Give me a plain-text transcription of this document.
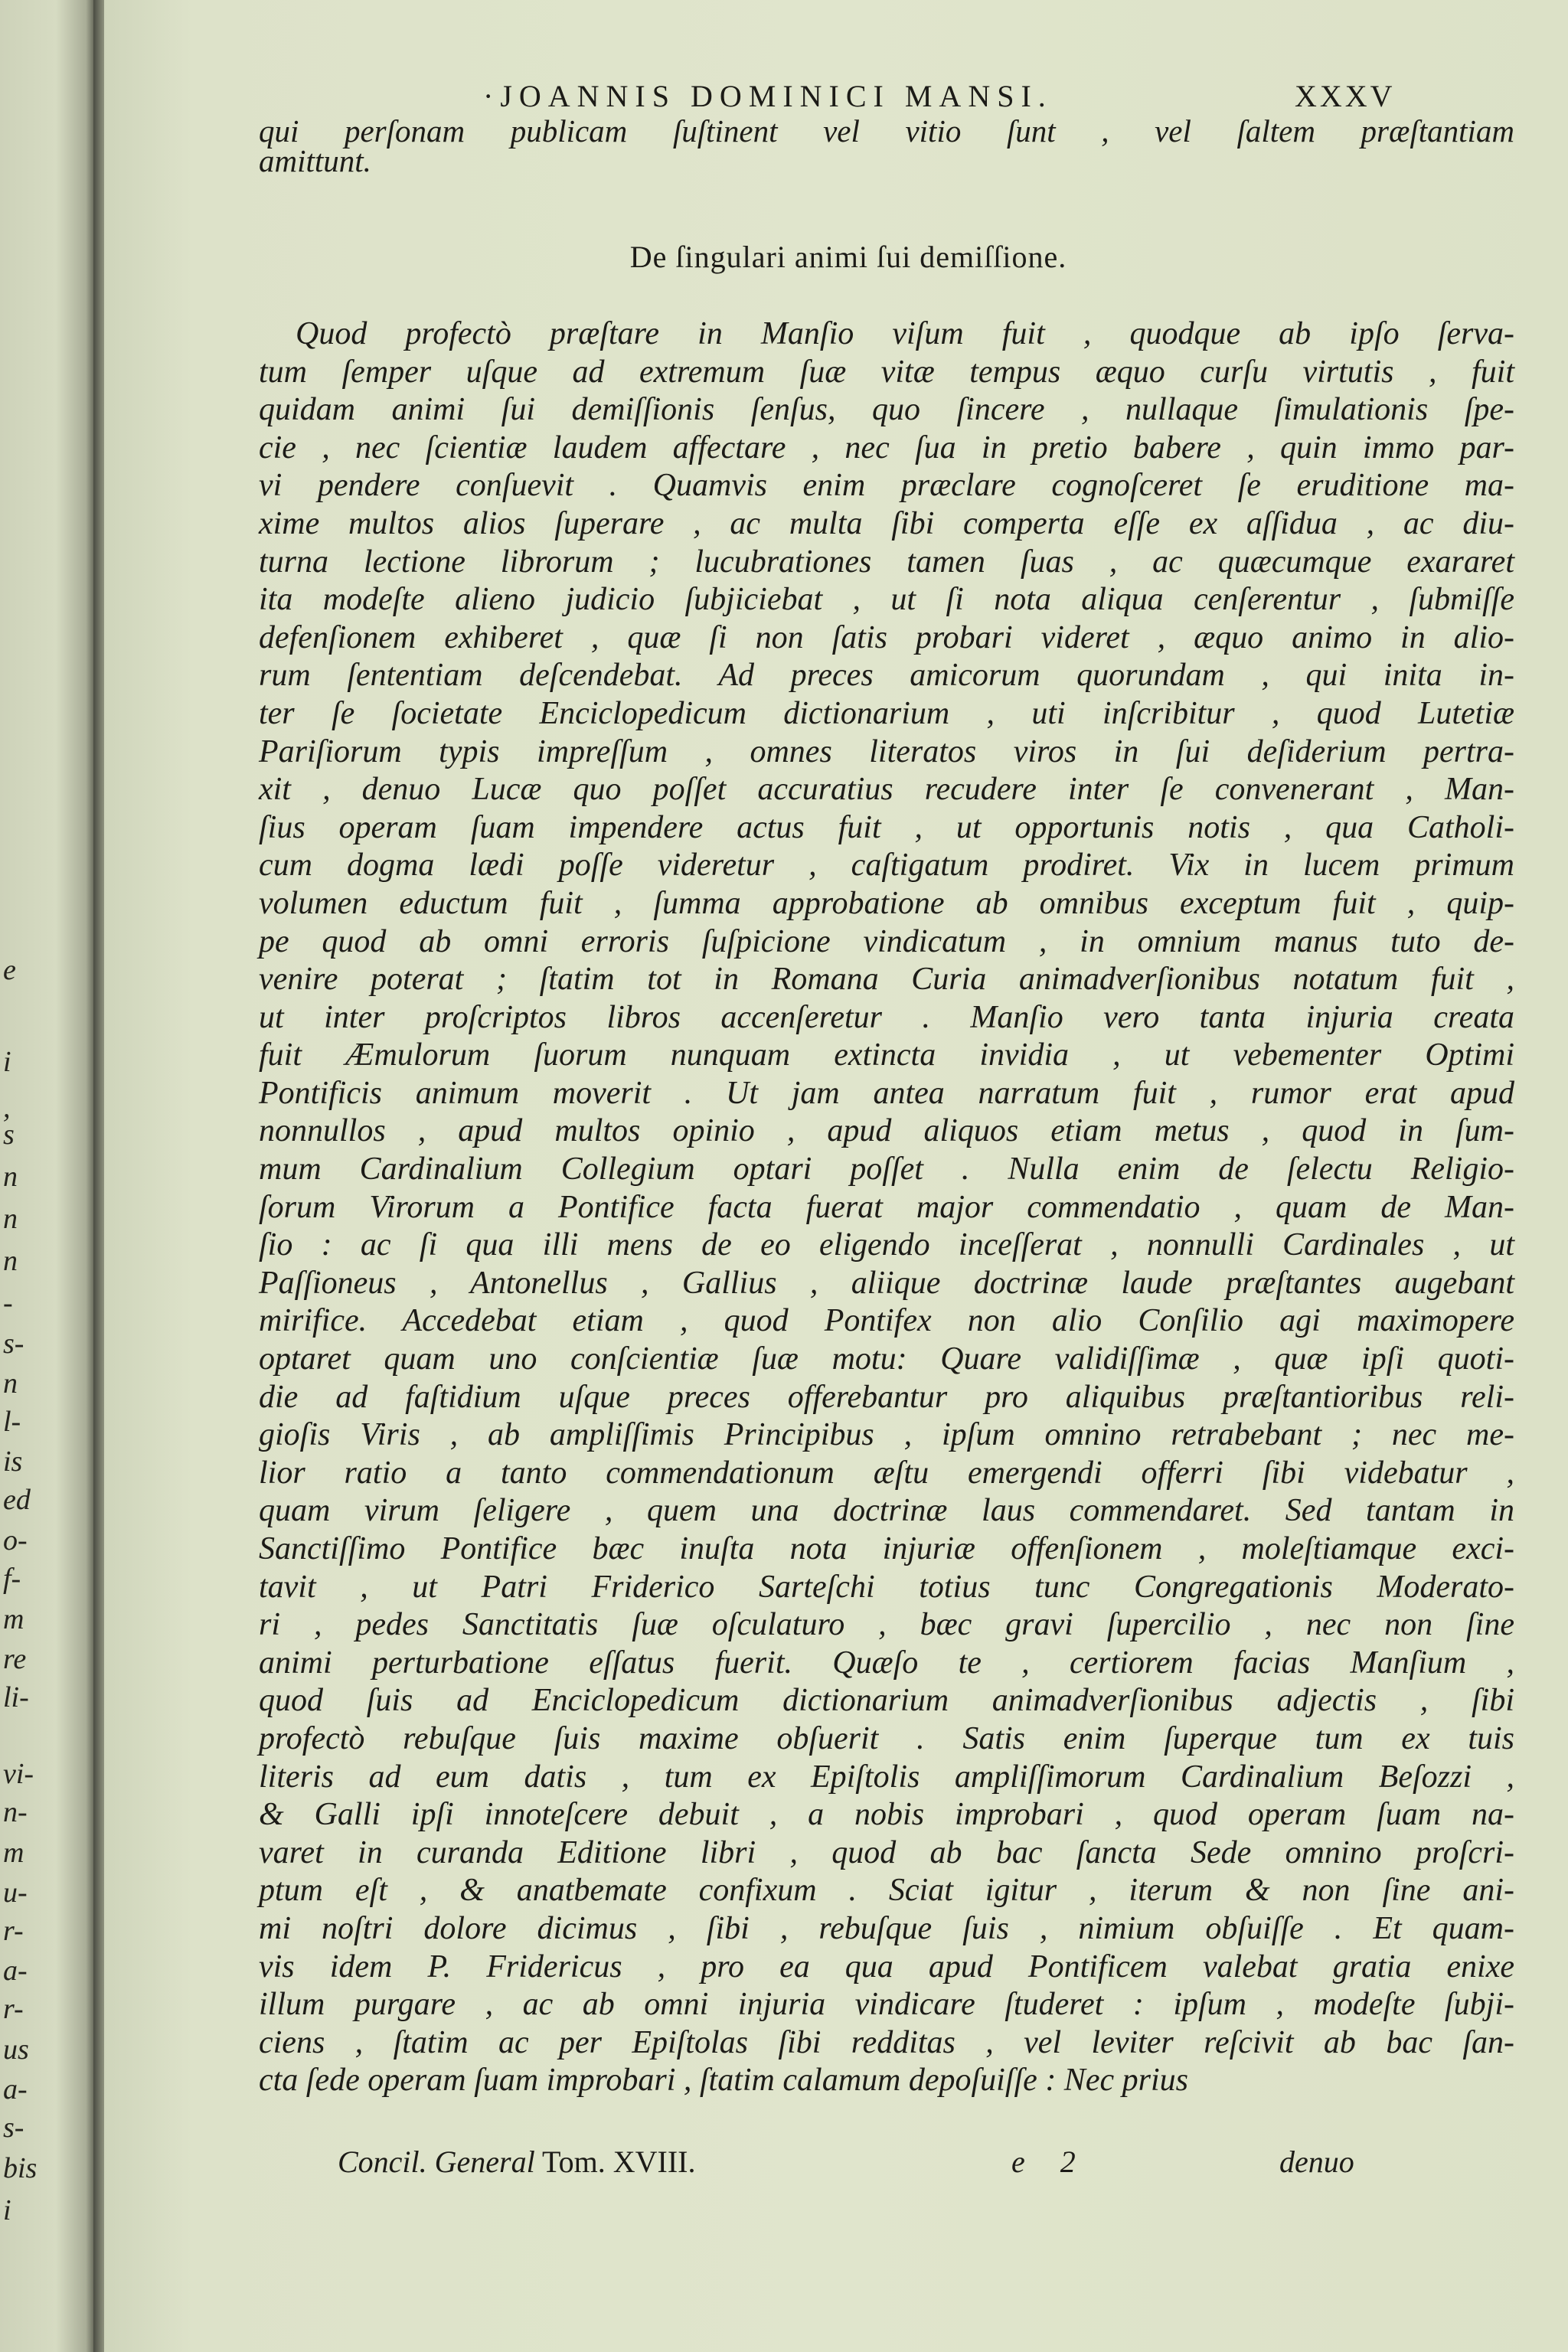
e
i
,
s
n
n
n
-
s-
n
l-
is
ed
o-
f-
m
re
li-
vi-
n-
m
u-
r-
a-
r-
us
a-
s-
bis
i
·JOANNIS DOMINICI MANSI.	XXXV
qui perſonam publicam ſuſtinent vel vitio ſunt , vel ſaltem præſtantiam
amittunt.
De ſingulari animi ſui demiſſione.
Quod profectò præſtare in Manſio viſum fuit , quodque ab ipſo ſerva-
tum ſemper uſque ad extremum ſuæ vitæ tempus æquo curſu virtutis , fuit
quidam animi ſui demiſſionis ſenſus, quo ſincere , nullaque ſimulationis ſpe-
cie , nec ſcientiæ laudem affectare , nec ſua in pretio babere , quin immo par-
vi pendere conſuevit . Quamvis enim præclare cognoſceret ſe eruditione ma-
xime multos alios ſuperare , ac multa ſibi comperta eſſe ex aſſidua , ac diu-
turna lectione librorum ; lucubrationes tamen ſuas , ac quæcumque exararet
ita modeſte alieno judicio ſubjiciebat , ut ſi nota aliqua cenſerentur , ſubmiſſe
defenſionem exhiberet , quæ ſi non ſatis probari videret , æquo animo in alio-
rum ſententiam deſcendebat. Ad preces amicorum quorundam , qui inita in-
ter ſe ſocietate Enciclopedicum dictionarium , uti inſcribitur , quod Lutetiæ
Pariſiorum typis impreſſum , omnes literatos viros in ſui deſiderium pertra-
xit , denuo Lucæ quo poſſet accuratius recudere inter ſe convenerant , Man-
ſius operam ſuam impendere actus fuit , ut opportunis notis , qua Catholi-
cum dogma lædi poſſe videretur , caſtigatum prodiret. Vix in lucem primum
volumen eductum fuit , ſumma approbatione ab omnibus exceptum fuit , quip-
pe quod ab omni erroris ſuſpicione vindicatum , in omnium manus tuto de-
venire poterat ; ſtatim tot in Romana Curia animadverſionibus notatum fuit ,
ut inter proſcriptos libros accenſeretur . Manſio vero tanta injuria creata
fuit Æmulorum ſuorum nunquam extincta invidia , ut vebementer Optimi
Pontificis animum moverit . Ut jam antea narratum fuit , rumor erat apud
nonnullos , apud multos opinio , apud aliquos etiam metus , quod in ſum-
mum Cardinalium Collegium optari poſſet . Nulla enim de ſelectu Religio-
ſorum Virorum a Pontifice facta fuerat major commendatio , quam de Man-
ſio : ac ſi qua illi mens de eo eligendo inceſſerat , nonnulli Cardinales , ut
Paſſioneus , Antonellus , Gallius , aliique doctrinæ laude præſtantes augebant
mirifice. Accedebat etiam , quod Pontifex non alio Conſilio agi maximopere
optaret quam uno conſcientiæ ſuæ motu: Quare validiſſimæ , quæ ipſi quoti-
die ad faſtidium uſque preces offerebantur pro aliquibus præſtantioribus reli-
gioſis Viris , ab ampliſſimis Principibus , ipſum omnino retrabebant ; nec me-
lior ratio a tanto commendationum æſtu emergendi offerri ſibi videbatur ,
quam virum ſeligere , quem una doctrinæ laus commendaret. Sed tantam in
Sanctiſſimo Pontifice bæc inuſta nota injuriæ offenſionem , moleſtiamque exci-
tavit , ut Patri Friderico Sarteſchi totius tunc Congregationis Moderato-
ri , pedes Sanctitatis ſuæ oſculaturo , bæc gravi ſupercilio , nec non ſine
animi perturbatione eſſatus fuerit. Quæſo te , certiorem facias Manſium ,
quod ſuis ad Enciclopedicum dictionarium animadverſionibus adjectis , ſibi
profectò rebuſque ſuis maxime obſuerit . Satis enim ſuperque tum ex tuis
literis ad eum datis , tum ex Epiſtolis ampliſſimorum Cardinalium Beſozzi ,
& Galli ipſi innoteſcere debuit , a nobis improbari , quod operam ſuam na-
varet in curanda Editione libri , quod ab bac ſancta Sede omnino proſcri-
ptum eſt , & anatbemate confixum . Sciat igitur , iterum & non ſine ani-
mi noſtri dolore dicimus , ſibi , rebuſque ſuis , nimium obſuiſſe . Et quam-
vis idem P. Fridericus , pro ea qua apud Pontificem valebat gratia enixe
illum purgare , ac ab omni injuria vindicare ſtuderet : ipſum , modeſte ſubji-
ciens , ſtatim ac per Epiſtolas ſibi redditas , vel leviter reſcivit ab bac ſan-
cta ſede operam ſuam improbari , ſtatim calamum depoſuiſſe : Nec prius
Concil. General Tom. XVIII.	e 2	denuo
